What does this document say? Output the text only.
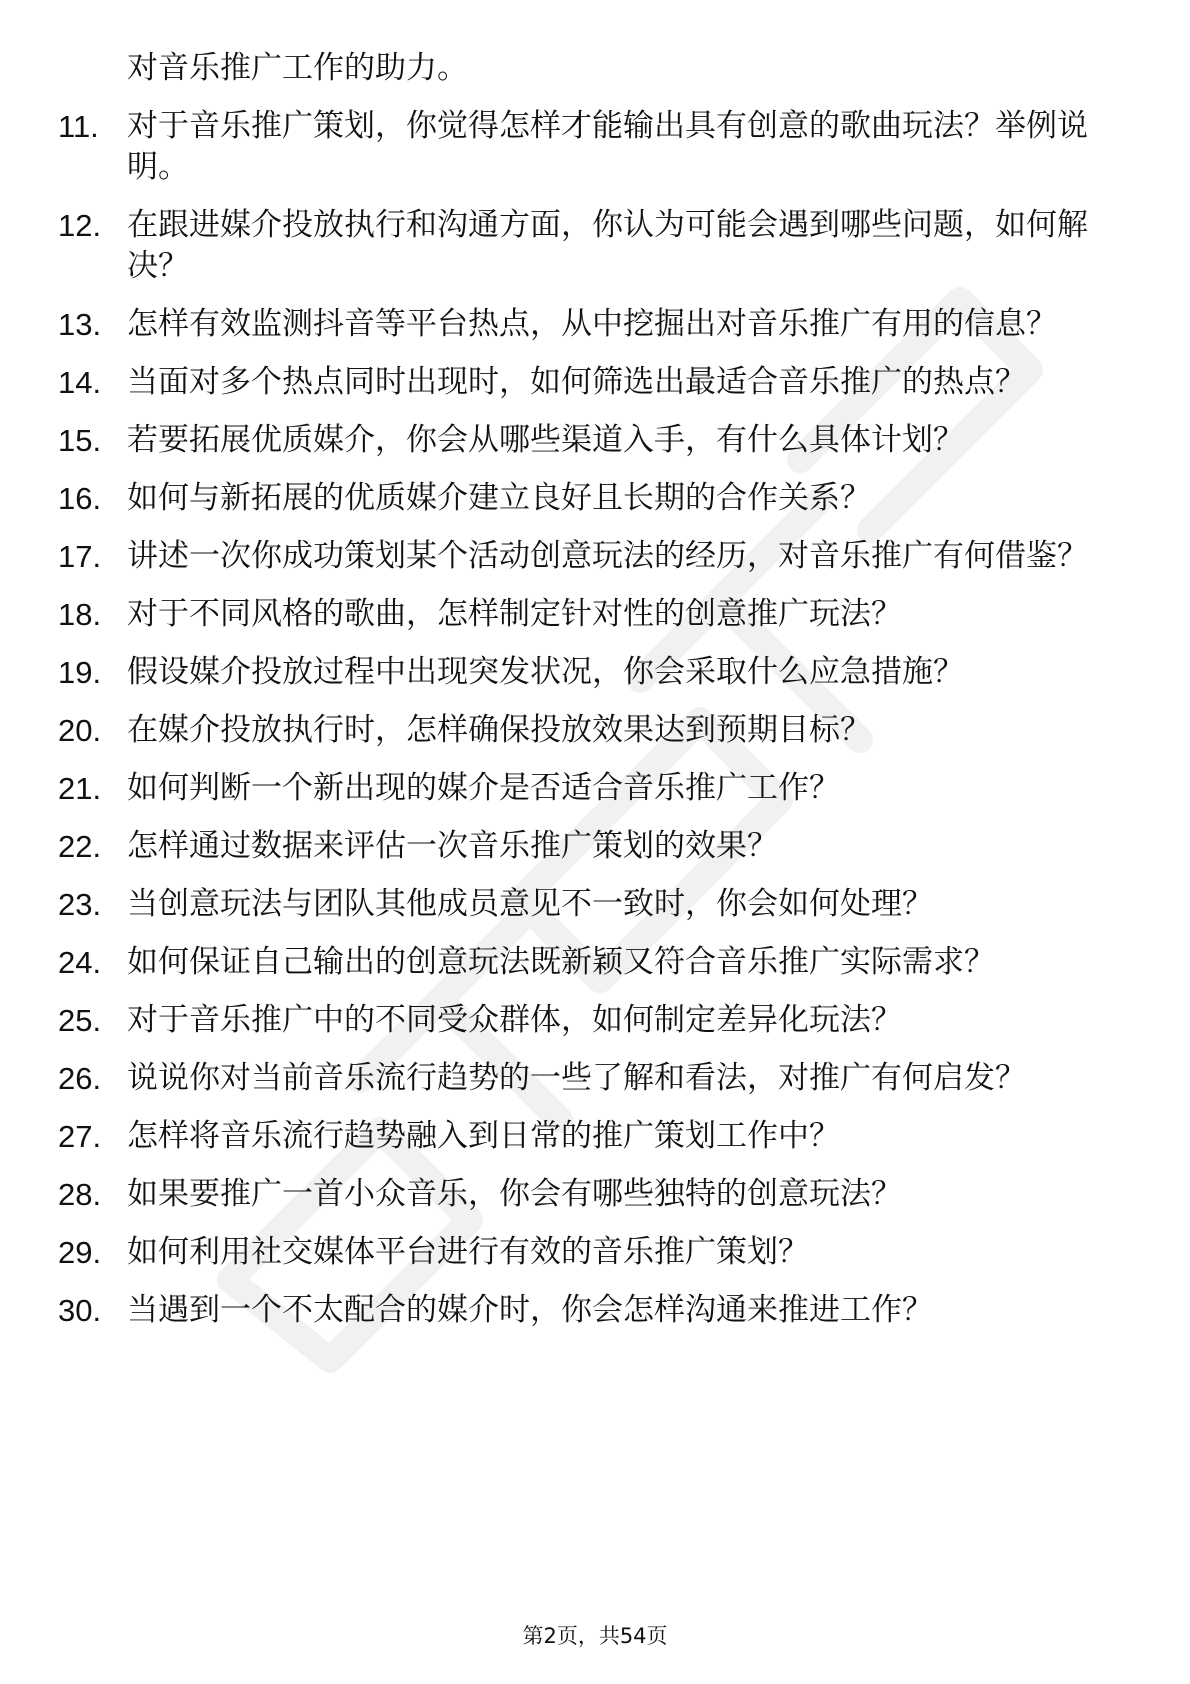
对音乐推广工作的助力。
11. 对于音乐推广策划，你觉得怎样才能输出具有创意的歌曲玩法？举例说明。
12. 在跟进媒介投放执行和沟通方面，你认为可能会遇到哪些问题，如何解决？
13. 怎样有效监测抖音等平台热点，从中挖掘出对音乐推广有用的信息？
14. 当面对多个热点同时出现时，如何筛选出最适合音乐推广的热点？
15. 若要拓展优质媒介，你会从哪些渠道入手，有什么具体计划？
16. 如何与新拓展的优质媒介建立良好且长期的合作关系？
17. 讲述一次你成功策划某个活动创意玩法的经历，对音乐推广有何借鉴？
18. 对于不同风格的歌曲，怎样制定针对性的创意推广玩法？
19. 假设媒介投放过程中出现突发状况，你会采取什么应急措施？
20. 在媒介投放执行时，怎样确保投放效果达到预期目标？
21. 如何判断一个新出现的媒介是否适合音乐推广工作？
22. 怎样通过数据来评估一次音乐推广策划的效果？
23. 当创意玩法与团队其他成员意见不一致时，你会如何处理？
24. 如何保证自己输出的创意玩法既新颖又符合音乐推广实际需求？
25. 对于音乐推广中的不同受众群体，如何制定差异化玩法？
26. 说说你对当前音乐流行趋势的一些了解和看法，对推广有何启发？
27. 怎样将音乐流行趋势融入到日常的推广策划工作中？
28. 如果要推广一首小众音乐，你会有哪些独特的创意玩法？
29. 如何利用社交媒体平台进行有效的音乐推广策划？
30. 当遇到一个不太配合的媒介时，你会怎样沟通来推进工作？
第2页，共54页
